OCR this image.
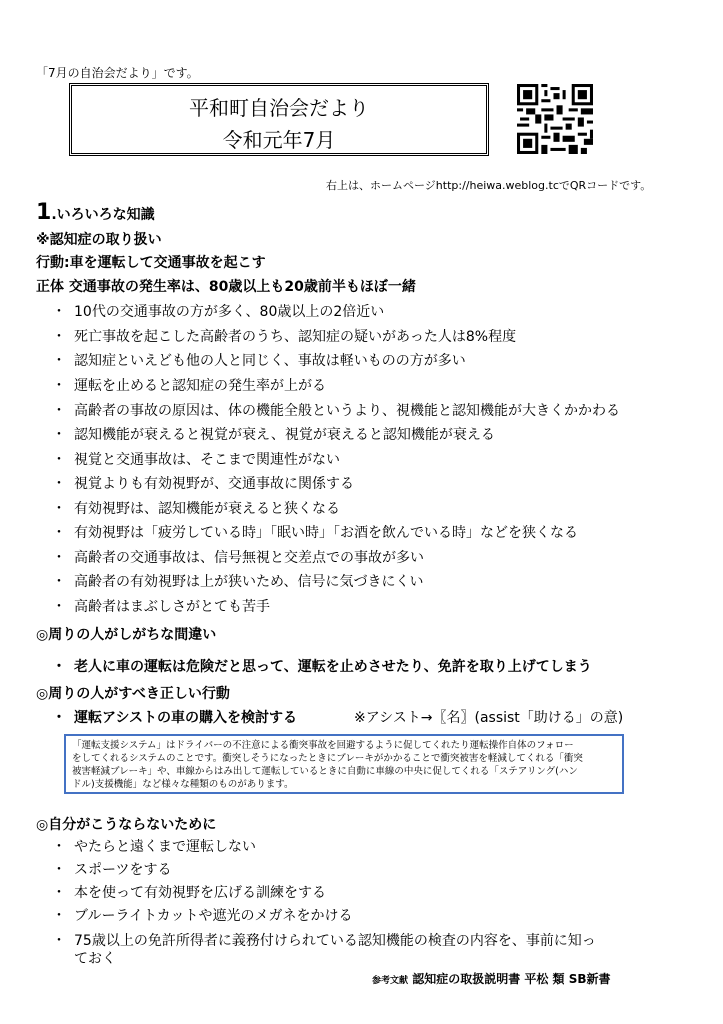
「7月の自治会だより」です。
平和町自治会だより
令和元年7月
右上は、ホームページhttp://heiwa.weblog.tcでQRコードです。
1.いろいろな知識
※認知症の取り扱い
行動:車を運転して交通事故を起こす
正体 交通事故の発生率は、80歳以上も20歳前半もほぼ一緒
・ 10代の交通事故の方が多く、80歳以上の2倍近い
・ 死亡事故を起こした高齢者のうち、認知症の疑いがあった人は8%程度
・ 認知症といえども他の人と同じく、事故は軽いものの方が多い
・ 運転を止めると認知症の発生率が上がる
・ 高齢者の事故の原因は、体の機能全般というより、視機能と認知機能が大きくかかわる
・ 認知機能が衰えると視覚が衰え、視覚が衰えると認知機能が衰える
・ 視覚と交通事故は、そこまで関連性がない
・ 視覚よりも有効視野が、交通事故に関係する
・ 有効視野は、認知機能が衰えると狭くなる
・ 有効視野は「疲労している時」「眠い時」「お酒を飲んでいる時」などを狭くなる
・ 高齢者の交通事故は、信号無視と交差点での事故が多い
・ 高齢者の有効視野は上が狭いため、信号に気づきにくい
・ 高齢者はまぶしさがとても苦手
◎周りの人がしがちな間違い
・ 老人に車の運転は危険だと思って、運転を止めさせたり、免許を取り上げてしまう
◎周りの人がすべき正しい行動
・ 運転アシストの車の購入を検討する	※アシスト→〖名〗(assist「助ける」の意)
「運転支援システム」はドライバーの不注意による衝突事故を回避するように促してくれたり運転操作自体のフォロー
をしてくれるシステムのことです。衝突しそうになったときにブレーキがかかることで衝突被害を軽減してくれる「衝突
被害軽減ブレーキ」や、車線からはみ出して運転しているときに自動に車線の中央に促してくれる「ステアリング(ハン
ドル)支援機能」など様々な種類のものがあります。
◎自分がこうならないために
・ やたらと遠くまで運転しない
・ スポーツをする
・ 本を使って有効視野を広げる訓練をする
・ ブルーライトカットや遮光のメガネをかける
・ 75歳以上の免許所得者に義務付けられている認知機能の検査の内容を、事前に知っ
ておく
参考文献 認知症の取扱説明書 平松 類 SB新書
